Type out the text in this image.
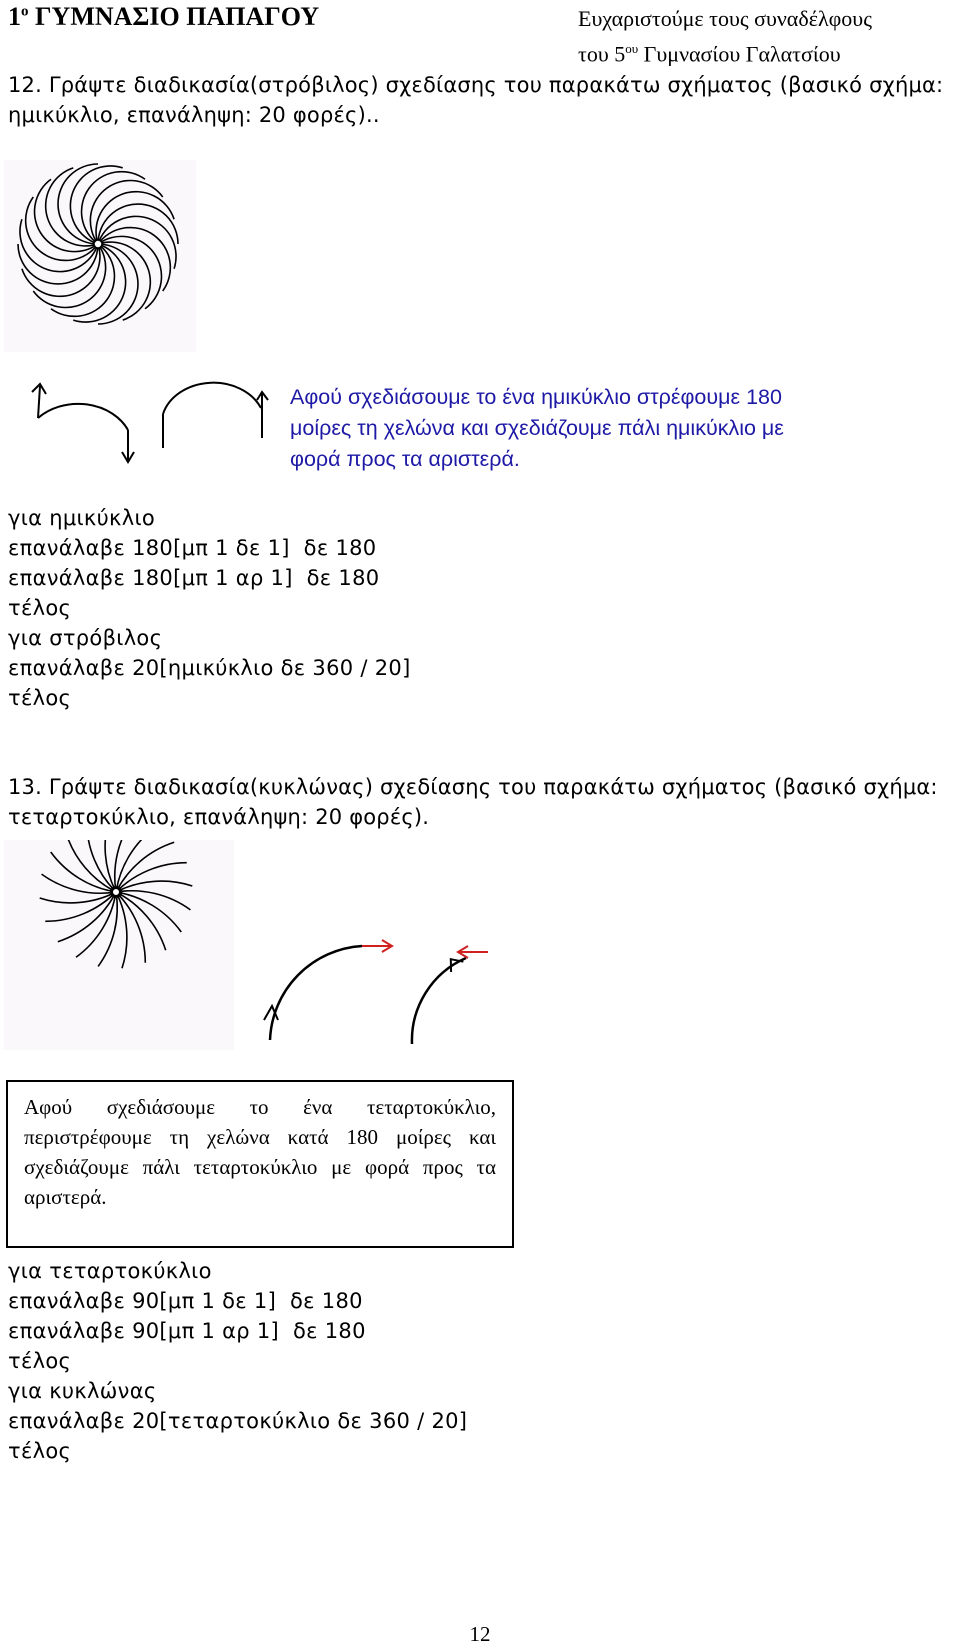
$1^o$ ΓΥΜΝΑΣΙΟ ΠΑΠΑΓΟΥ	Ευχαριστούμε τους συναδέλφους
του $5^{o\upsilon}$ Γυμνασίου Γαλατσίου
12. Γράψτε διαδικασία(στρόβιλος) σχεδίασης του παρακάτω σχήματος (βασικό σχήμα: ημικύκλιο, επανάληψη: 20 φορές)..
Αφού σχεδιάσουμε το ένα ημικύκλιο στρέφουμε 180
μοίρες τη χελώνα και σχεδιάζουμε πάλι ημικύκλιο με
φορά προς τα αριστερά.
για ημικύκλιο
επανάλαβε 180[μπ 1 δε 1]  δε 180
επανάλαβε 180[μπ 1 αρ 1]  δε 180
τέλος
για στρόβιλος
επανάλαβε 20[ημικύκλιο δε 360 / 20]
τέλος
13. Γράψτε διαδικασία(κυκλώνας) σχεδίασης του παρακάτω σχήματος (βασικό σχήμα: τεταρτοκύκλιο, επανάληψη: 20 φορές).
Αφού σχεδιάσουμε το ένα τεταρτοκύκλιο, περιστρέφουμε τη χελώνα κατά 180 μοίρες και σχεδιάζουμε πάλι τεταρτοκύκλιο με φορά προς τα αριστερά.
για τεταρτοκύκλιο
επανάλαβε 90[μπ 1 δε 1]  δε 180
επανάλαβε 90[μπ 1 αρ 1]  δε 180
τέλος
για κυκλώνας
επανάλαβε 20[τεταρτοκύκλιο δε 360 / 20]
τέλος
12
